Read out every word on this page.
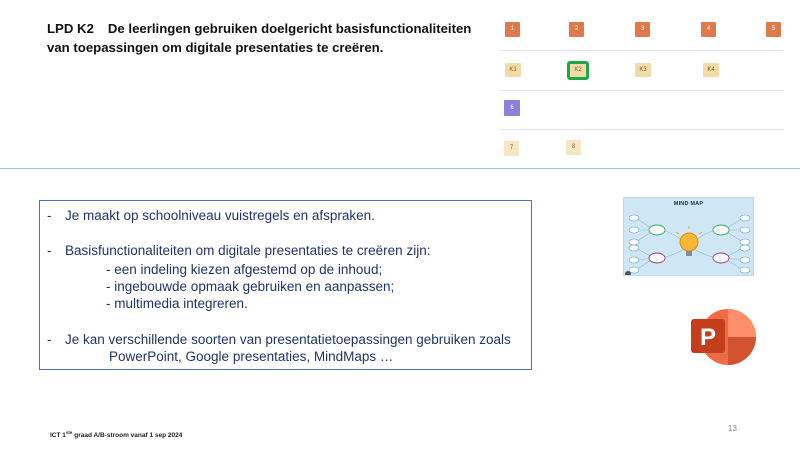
LPD K2 De leerlingen gebruiken doelgericht basisfunctionaliteiten van toepassingen om digitale presentaties te creëren.
1	2	3	4	5
K1	K2	K3	K4
6
7	8
- Je maakt op schoolniveau vuistregels en afspraken.
- Basisfunctionaliteiten om digitale presentaties te creëren zijn:
- een indeling kiezen afgestemd op de inhoud;
- ingebouwde opmaak gebruiken en aanpassen;
- multimedia integreren.
- Je kan verschillende soorten van presentatietoepassingen gebruiken zoals
PowerPoint, Google presentaties, MindMaps …
MIND MAP
P
ICT 1ste graad A/B-stroom vanaf 1 sep 2024
13
